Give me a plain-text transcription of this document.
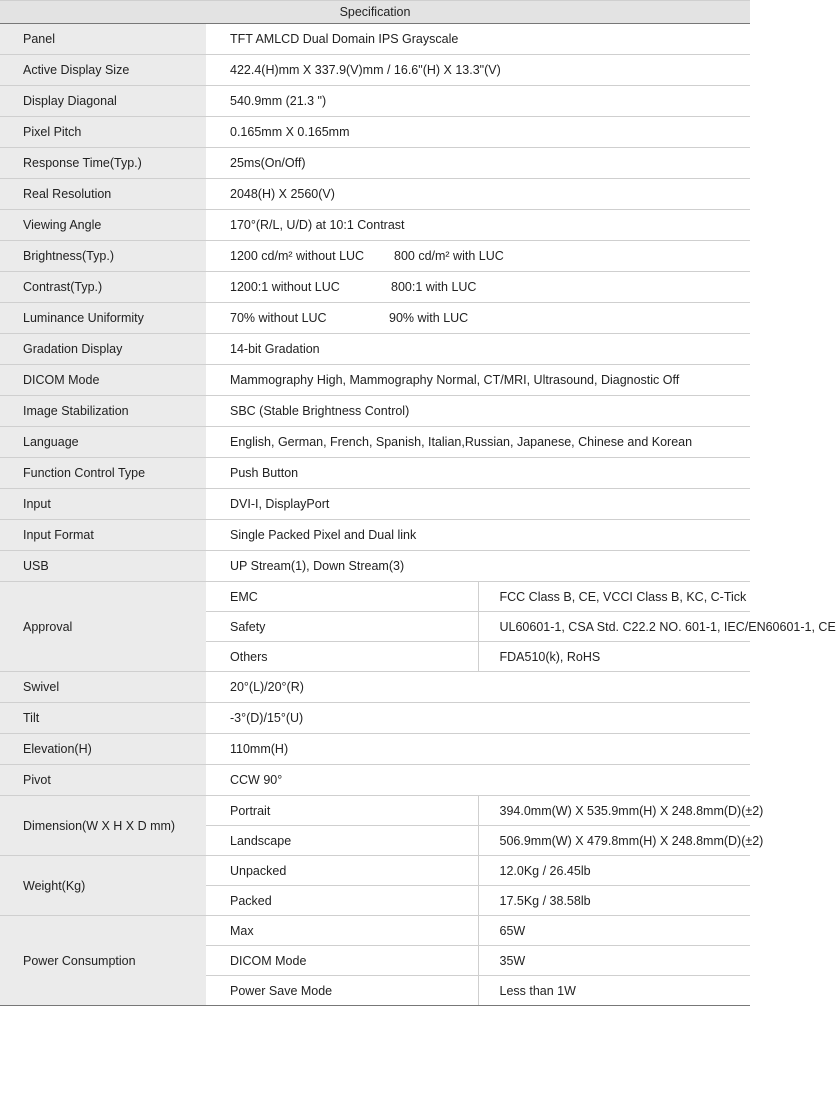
Specification
Panel	TFT AMLCD Dual Domain IPS Grayscale	

Active Display Size	422.4(H)mm X 337.9(V)mm / 16.6"(H) X 13.3"(V)	

Display Diagonal	540.9mm (21.3 ")	

Pixel Pitch	0.165mm X 0.165mm	

Response Time(Typ.)	25ms(On/Off)	

Real Resolution	2048(H) X 2560(V)	

Viewing Angle	170°(R/L, U/D) at 10:1 Contrast	

Brightness(Typ.)	1200 cd/m² without LUC 800 cd/m² with LUC	

Contrast(Typ.)	1200:1 without LUC 800:1 with LUC	

Luminance Uniformity	70% without LUC 90% with LUC	

Gradation Display	14-bit Gradation	

DICOM Mode	Mammography High, Mammography Normal, CT/MRI, Ultrasound, Diagnostic Off	

Image Stabilization	SBC (Stable Brightness Control)	

Language	English, German, French, Spanish, Italian,Russian, Japanese, Chinese and Korean	

Function Control Type	Push Button	

Input	DVI-I, DisplayPort	

Input Format	Single Packed Pixel and Dual link	

USB	UP Stream(1), Down Stream(3)	

Approval	EMC	FCC Class B, CE, VCCI Class B, KC, C-Tick
	Safety	UL60601-1, CSA Std. C22.2 NO. 601-1, IEC/EN60601-1, CE
	Others	FDA510(k), RoHS

Swivel	20°(L)/20°(R)	

Tilt	-3°(D)/15°(U)	

Elevation(H)	110mm(H)	

Pivot	CCW 90°	

Dimension(W X H X D mm)	Portrait	394.0mm(W) X 535.9mm(H) X 248.8mm(D)(±2)
	Landscape	506.9mm(W) X 479.8mm(H) X 248.8mm(D)(±2)

Weight(Kg)	Unpacked	12.0Kg / 26.45lb
	Packed	17.5Kg / 38.58lb

Power Consumption	Max	65W
	DICOM Mode	35W
	Power Save Mode	Less than 1W
